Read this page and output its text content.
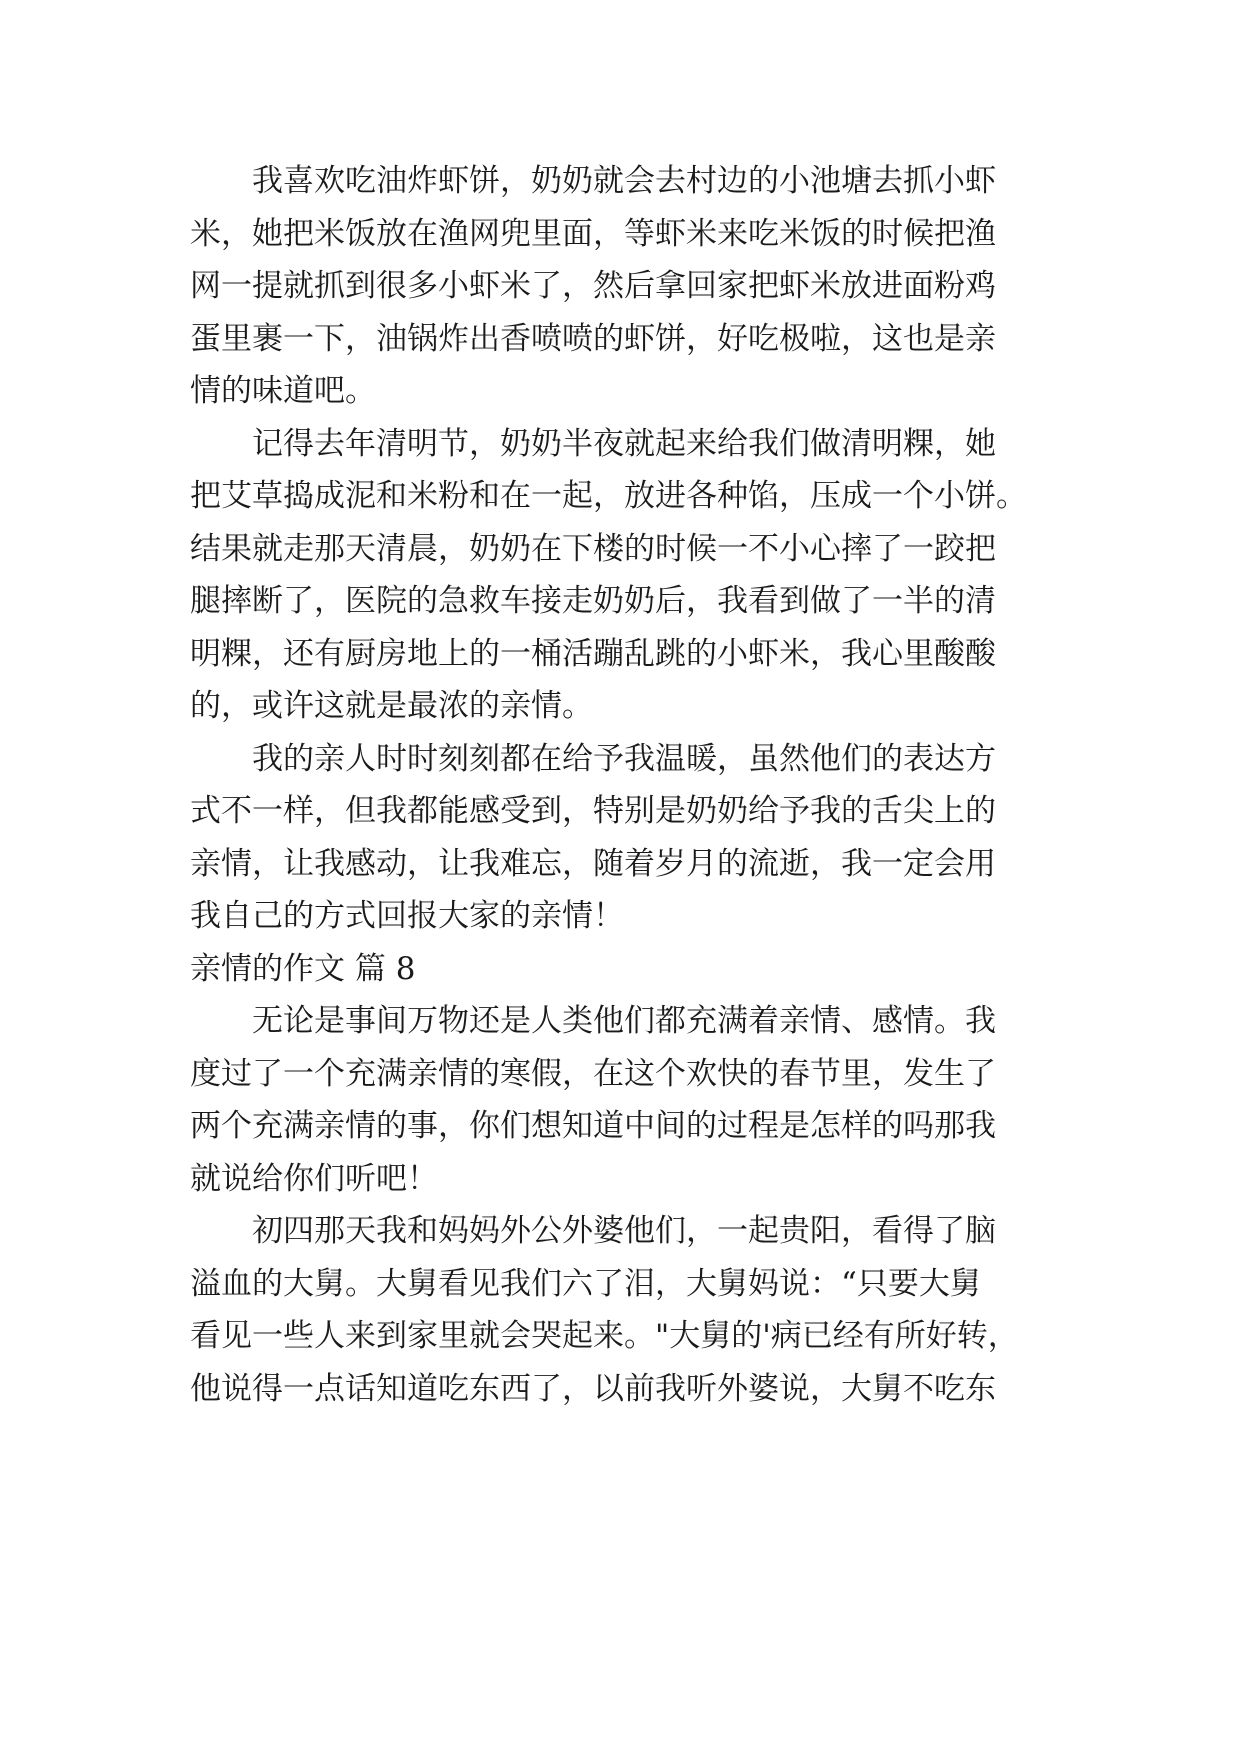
我喜欢吃油炸虾饼，奶奶就会去村边的小池塘去抓小虾
米，她把米饭放在渔网兜里面，等虾米来吃米饭的时候把渔
网一提就抓到很多小虾米了，然后拿回家把虾米放进面粉鸡
蛋里裹一下，油锅炸出香喷喷的虾饼，好吃极啦，这也是亲
情的味道吧。

记得去年清明节，奶奶半夜就起来给我们做清明粿，她
把艾草捣成泥和米粉和在一起，放进各种馅，压成一个小饼。
结果就走那天清晨，奶奶在下楼的时候一不小心摔了一跤把
腿摔断了，医院的急救车接走奶奶后，我看到做了一半的清
明粿，还有厨房地上的一桶活蹦乱跳的小虾米，我心里酸酸
的，或许这就是最浓的亲情。

我的亲人时时刻刻都在给予我温暖，虽然他们的表达方
式不一样，但我都能感受到，特别是奶奶给予我的舌尖上的
亲情，让我感动，让我难忘，随着岁月的流逝，我一定会用
我自己的方式回报大家的亲情！

亲情的作文 篇 8

无论是事间万物还是人类他们都充满着亲情、感情。我
度过了一个充满亲情的寒假，在这个欢快的春节里，发生了
两个充满亲情的事，你们想知道中间的过程是怎样的吗那我
就说给你们听吧！

初四那天我和妈妈外公外婆他们，一起贵阳，看得了脑
溢血的大舅。大舅看见我们六了泪，大舅妈说：“只要大舅
看见一些人来到家里就会哭起来。"大舅的'病已经有所好转，
他说得一点话知道吃东西了，以前我听外婆说，大舅不吃东
